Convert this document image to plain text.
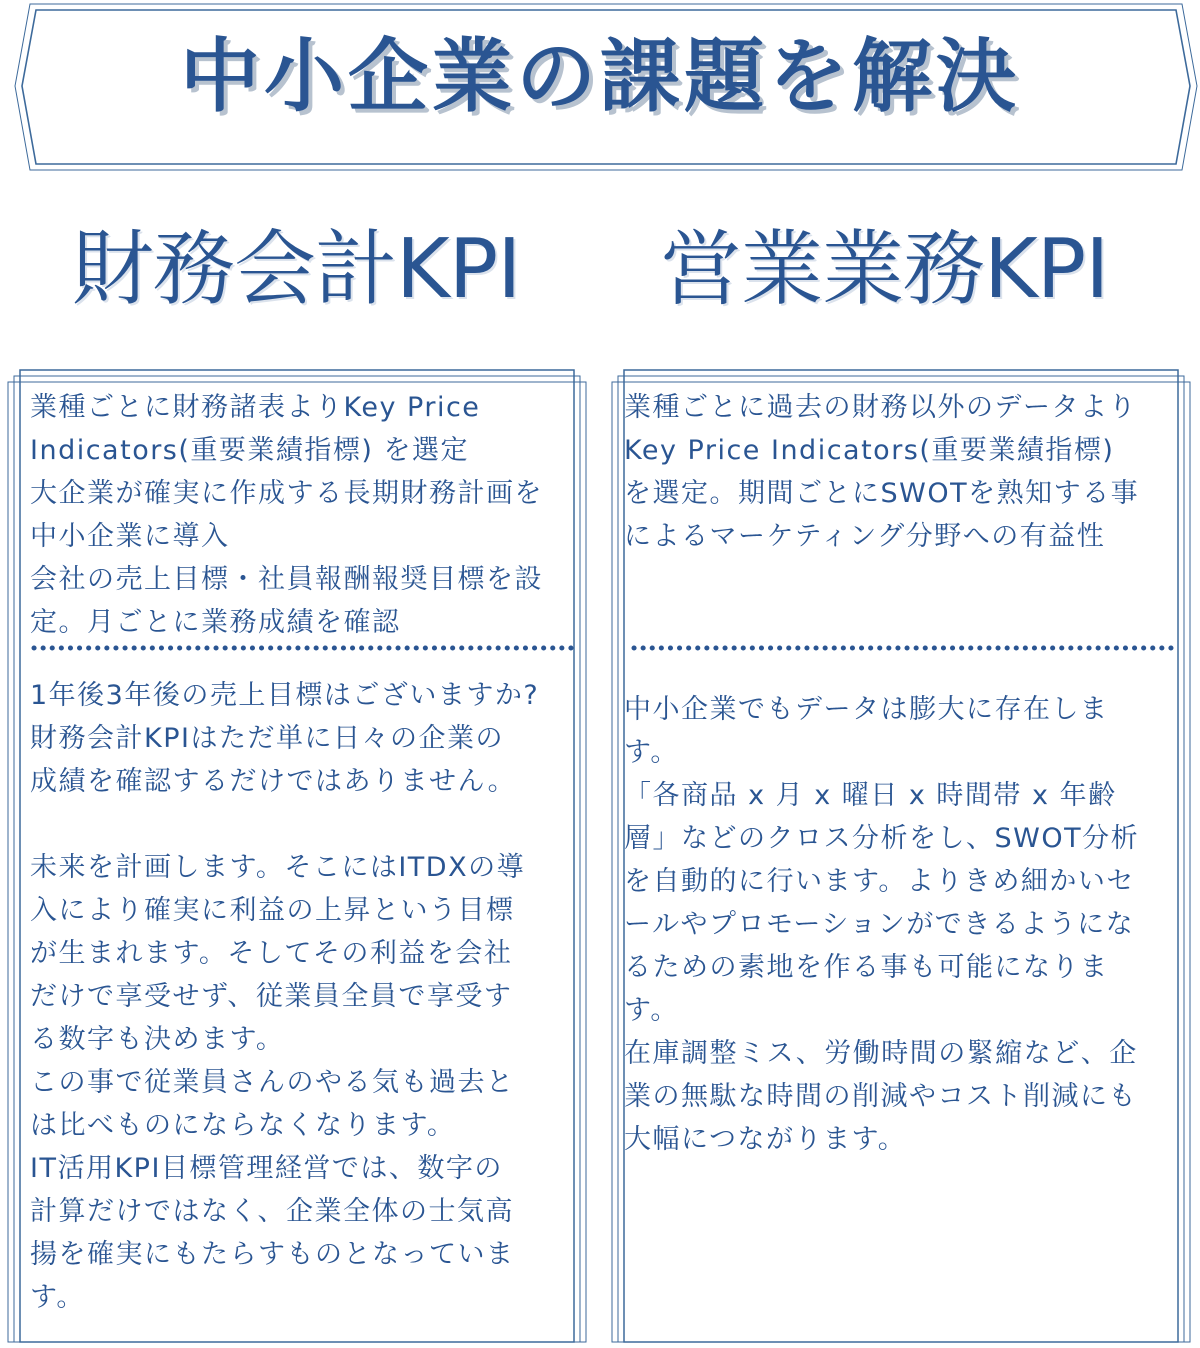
中小企業の課題を解決
財務会計KPI 営業業務KPI

業種ごとに財務諸表よりKey Price
Indicators(重要業績指標) を選定
大企業が確実に作成する長期財務計画を
中小企業に導入
会社の売上目標・社員報酬報奨目標を設
定。月ごとに業務成績を確認

1年後3年後の売上目標はございますか?
財務会計KPIはただ単に日々の企業の
成績を確認するだけではありません。

未来を計画します。そこにはITDXの導
入により確実に利益の上昇という目標
が生まれます。そしてその利益を会社
だけで享受せず、従業員全員で享受す
る数字も決めます。
この事で従業員さんのやる気も過去と
は比べものにならなくなります。
IT活用KPI目標管理経営では、数字の
計算だけではなく、企業全体の士気高
揚を確実にもたらすものとなっていま
す。

業種ごとに過去の財務以外のデータより
Key Price Indicators(重要業績指標)
を選定。期間ごとにSWOTを熟知する事
によるマーケティング分野への有益性

中小企業でもデータは膨大に存在しま
す。
「各商品 x 月 x 曜日 x 時間帯 x 年齢
層」などのクロス分析をし、SWOT分析
を自動的に行います。よりきめ細かいセ
ールやプロモーションができるようにな
るための素地を作る事も可能になりま
す。
在庫調整ミス、労働時間の緊縮など、企
業の無駄な時間の削減やコスト削減にも
大幅につながります。
